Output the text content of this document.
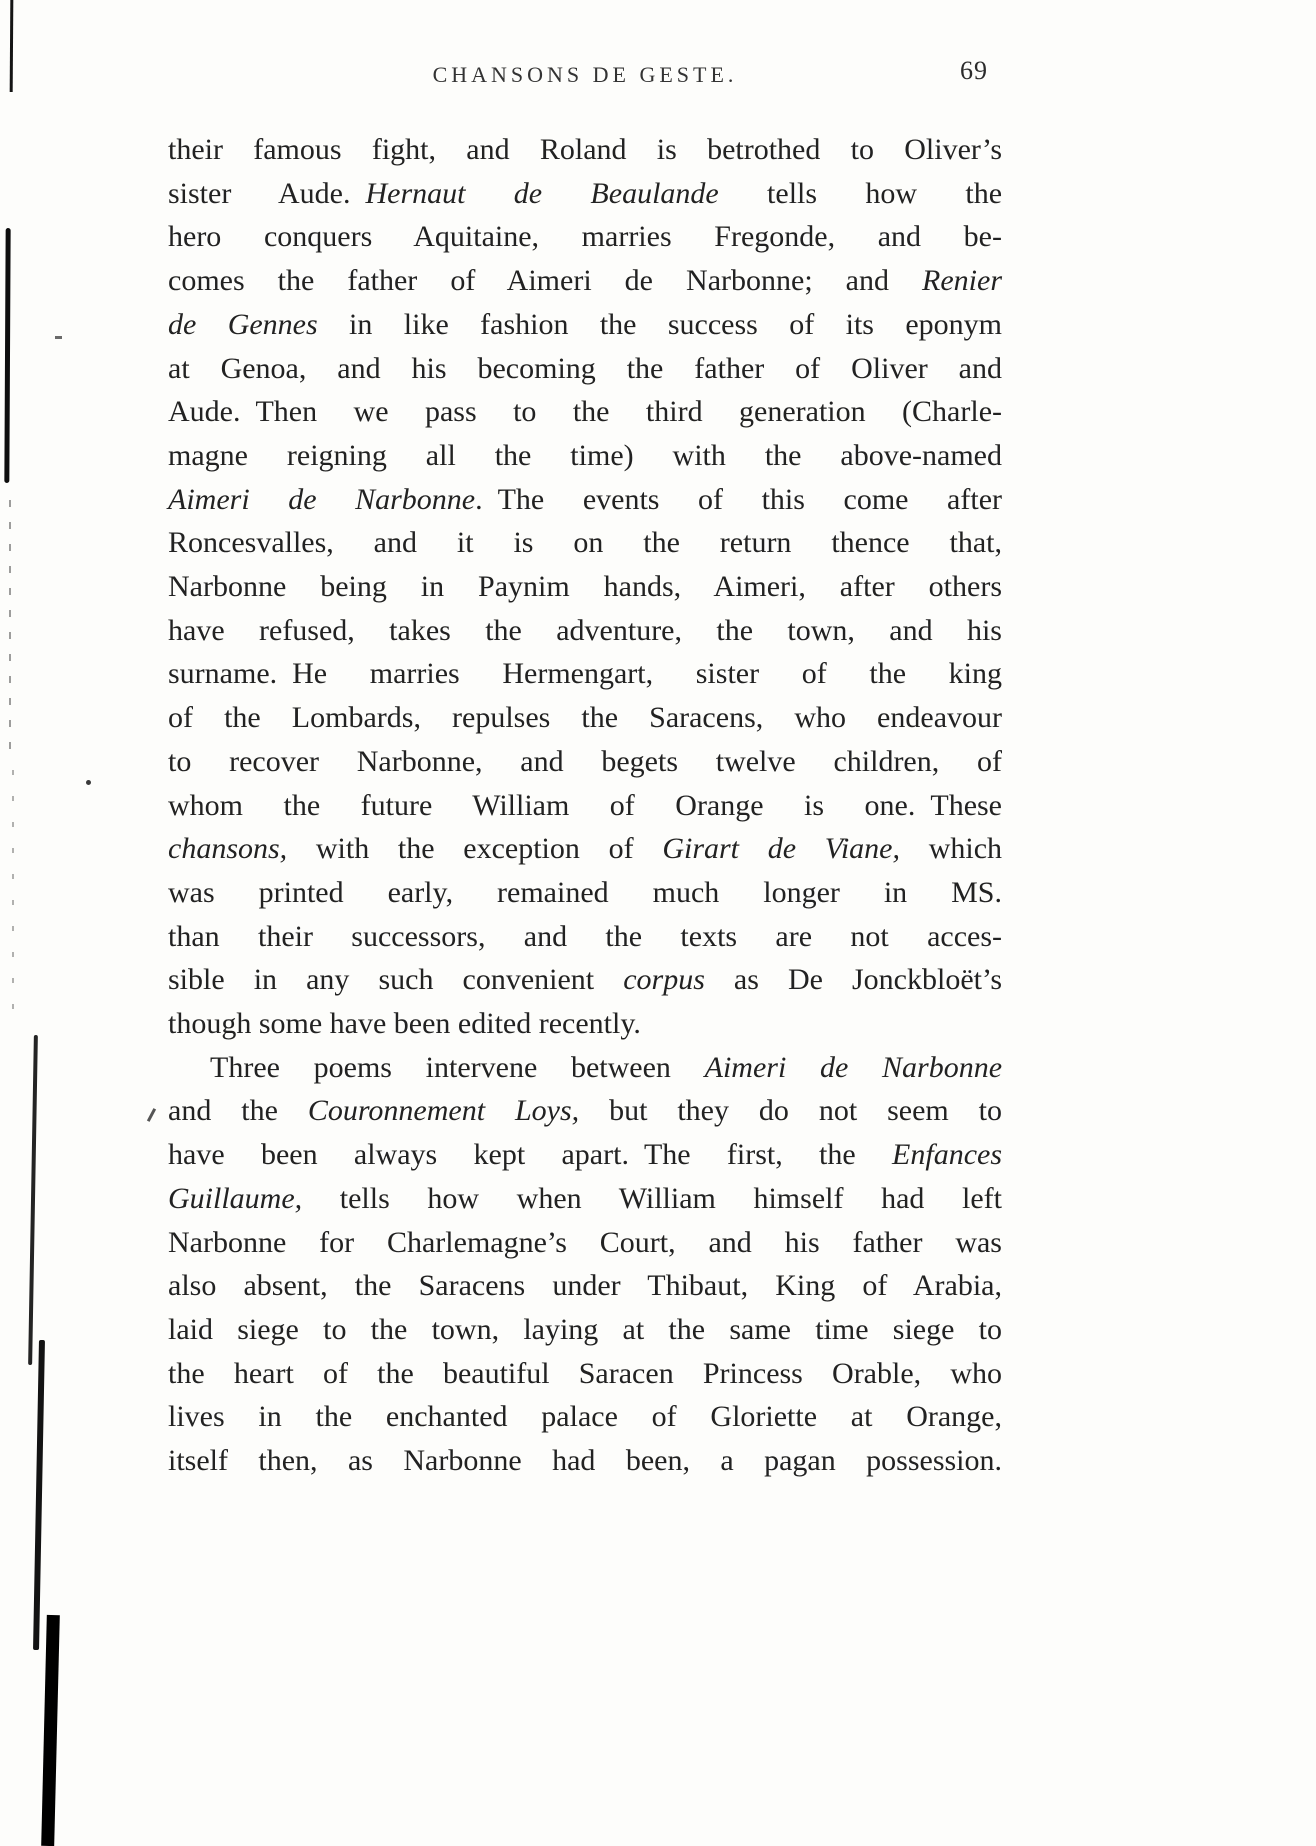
CHANSONS DE GESTE.	69
their famous fight, and Roland is betrothed to Oliver’s
sister Aude. Hernaut de Beaulande tells how the
hero conquers Aquitaine, marries Fregonde, and be-
comes the father of Aimeri de Narbonne; and Renier
de Gennes in like fashion the success of its eponym
at Genoa, and his becoming the father of Oliver and
Aude. Then we pass to the third generation (Charle-
magne reigning all the time) with the above-named
Aimeri de Narbonne. The events of this come after
Roncesvalles, and it is on the return thence that,
Narbonne being in Paynim hands, Aimeri, after others
have refused, takes the adventure, the town, and his
surname. He marries Hermengart, sister of the king
of the Lombards, repulses the Saracens, who endeavour
to recover Narbonne, and begets twelve children, of
whom the future William of Orange is one. These
chansons, with the exception of Girart de Viane, which
was printed early, remained much longer in MS.
than their successors, and the texts are not acces-
sible in any such convenient corpus as De Jonckbloët’s
though some have been edited recently.
Three poems intervene between Aimeri de Narbonne
and the Couronnement Loys, but they do not seem to
have been always kept apart. The first, the Enfances
Guillaume, tells how when William himself had left
Narbonne for Charlemagne’s Court, and his father was
also absent, the Saracens under Thibaut, King of Arabia,
laid siege to the town, laying at the same time siege to
the heart of the beautiful Saracen Princess Orable, who
lives in the enchanted palace of Gloriette at Orange,
itself then, as Narbonne had been, a pagan possession.
